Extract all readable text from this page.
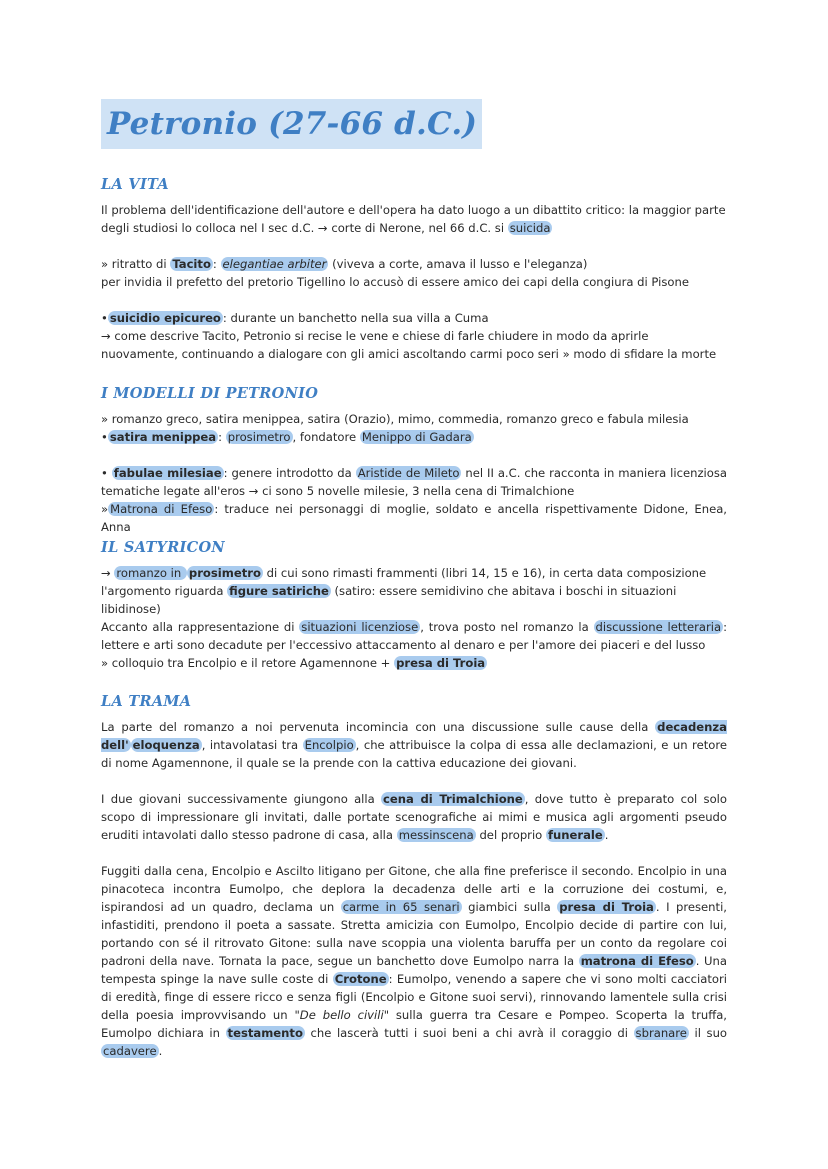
Petronio (27-66 d.C.)
LA VITA

Il problema dell'identificazione dell'autore e dell'opera ha dato luogo a un dibattito critico: la maggior parte degli studiosi lo colloca nel I sec d.C. → corte di Nerone, nel 66 d.C. si suicida

» ritratto di Tacito : elegantiae arbiter (viveva a corte, amava il lusso e l'eleganza)
per invidia il prefetto del pretorio Tigellino lo accusò di essere amico dei capi della congiura di Pisone

• suicidio epicureo : durante un banchetto nella sua villa a Cuma
→ come descrive Tacito, Petronio si recise le vene e chiese di farle chiudere in modo da aprirle nuovamente, continuando a dialogare con gli amici ascoltando carmi poco seri » modo di sfidare la morte

I MODELLI DI PETRONIO

» romanzo greco, satira menippea, satira (Orazio), mimo, commedia, romanzo greco e fabula milesia
• satira menippea : prosimetro , fondatore Menippo di Gadara

• fabulae milesiae : genere introdotto da Aristide de Mileto nel II a.C. che racconta in maniera licenziosa tematiche legate all'eros → ci sono 5 novelle milesie, 3 nella cena di Trimalchione
» Matrona di Efeso : traduce nei personaggi di moglie, soldato e ancella rispettivamente Didone, Enea, Anna

IL SATYRICON

→ romanzo in prosimetro di cui sono rimasti frammenti (libri 14, 15 e 16), in certa data composizione
l'argomento riguarda figure satiriche (satiro: essere semidivino che abitava i boschi in situazioni libidinose)

Accanto alla rappresentazione di situazioni licenziose , trova posto nel romanzo la discussione letteraria : lettere e arti sono decadute per l'eccessivo attaccamento al denaro e per l'amore dei piaceri e del lusso
» colloquio tra Encolpio e il retore Agamennone + presa di Troia

LA TRAMA

La parte del romanzo a noi pervenuta incomincia con una discussione sulle cause della decadenza dell' eloquenza , intavolatasi tra Encolpio , che attribuisce la colpa di essa alle declamazioni, e un retore di nome Agamennone, il quale se la prende con la cattiva educazione dei giovani.

I due giovani successivamente giungono alla cena di Trimalchione , dove tutto è preparato col solo scopo di impressionare gli invitati, dalle portate scenografiche ai mimi e musica agli argomenti pseudo eruditi intavolati dallo stesso padrone di casa, alla messinscena del proprio funerale .

Fuggiti dalla cena, Encolpio e Ascilto litigano per Gitone, che alla fine preferisce il secondo. Encolpio in una pinacoteca incontra Eumolpo, che deplora la decadenza delle arti e la corruzione dei costumi, e, ispirandosi ad un quadro, declama un carme in 65 senari giambici sulla presa di Troia . I presenti, infastiditi, prendono il poeta a sassate. Stretta amicizia con Eumolpo, Encolpio decide di partire con lui, portando con sé il ritrovato Gitone: sulla nave scoppia una violenta baruffa per un conto da regolare coi padroni della nave. Tornata la pace, segue un banchetto dove Eumolpo narra la matrona di Efeso . Una tempesta spinge la nave sulle coste di Crotone : Eumolpo, venendo a sapere che vi sono molti cacciatori di eredità, finge di essere ricco e senza figli (Encolpio e Gitone suoi servi), rinnovando lamentele sulla crisi della poesia improvvisando un "De bello civili" sulla guerra tra Cesare e Pompeo. Scoperta la truffa, Eumolpo dichiara in testamento che lascerà tutti i suoi beni a chi avrà il coraggio di sbranare il suo cadavere .
